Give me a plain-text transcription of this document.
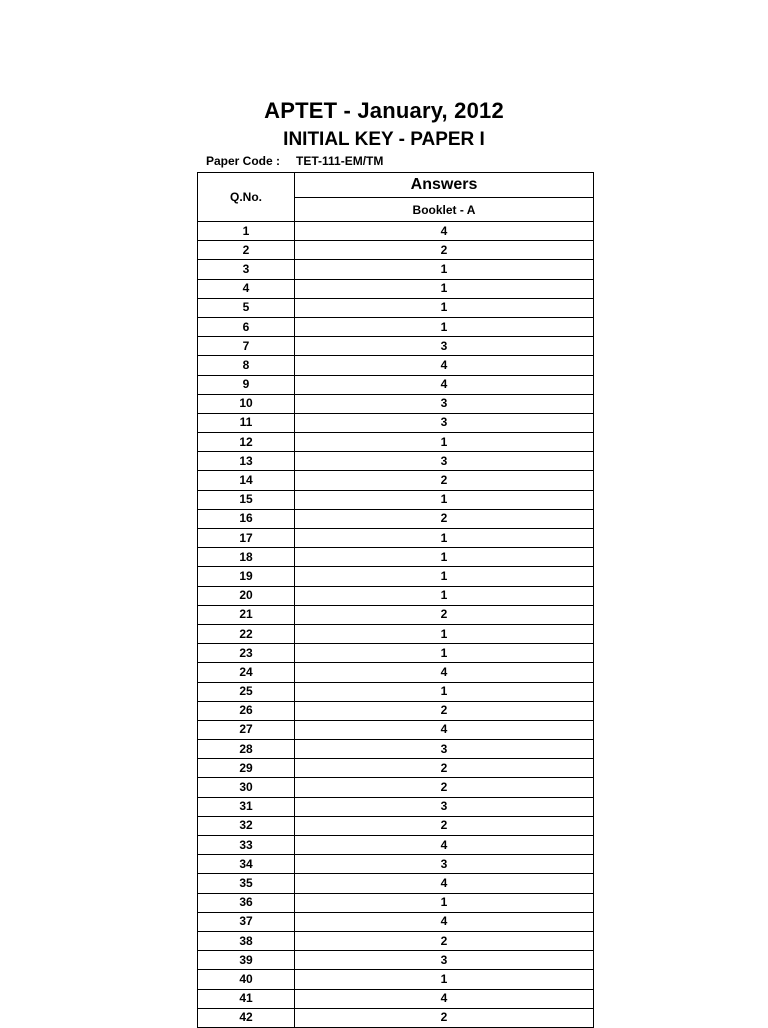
APTET - January, 2012
INITIAL KEY - PAPER I
Paper Code : TET-111-EM/TM
Q.No.	Answers
	Booklet - A
1	4
2	2
3	1
4	1
5	1
6	1
7	3
8	4
9	4
10	3
11	3
12	1
13	3
14	2
15	1
16	2
17	1
18	1
19	1
20	1
21	2
22	1
23	1
24	4
25	1
26	2
27	4
28	3
29	2
30	2
31	3
32	2
33	4
34	3
35	4
36	1
37	4
38	2
39	3
40	1
41	4
42	2
